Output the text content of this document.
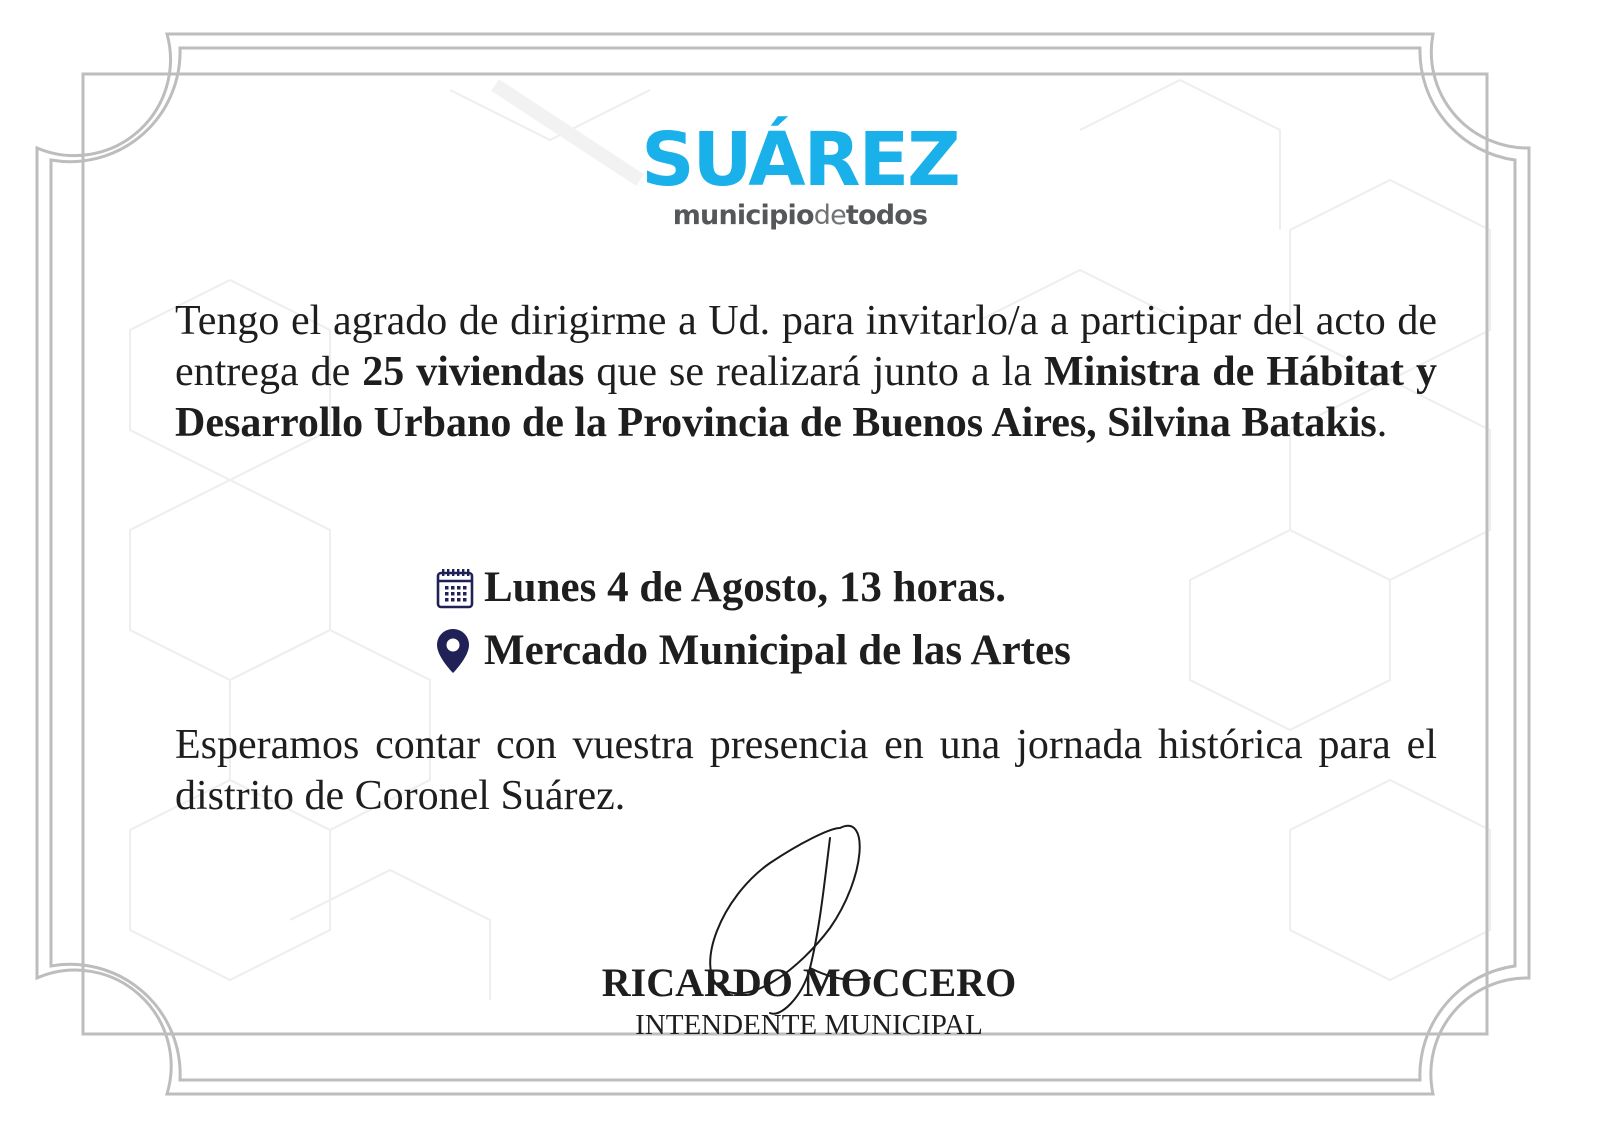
SUÁREZ
municipiodetodos
Tengo el agrado de dirigirme a Ud. para invitarlo/a a participar del acto de entrega de 25 viviendas que se realizará junto a la Ministra de Hábitat y Desarrollo Urbano de la Provincia de Buenos Aires, Silvina Batakis.
Lunes 4 de Agosto, 13 horas.
Mercado Municipal de las Artes
Esperamos contar con vuestra presencia en una jornada histórica para el distrito de Coronel Suárez.
RICARDO MOCCERO
INTENDENTE MUNICIPAL
